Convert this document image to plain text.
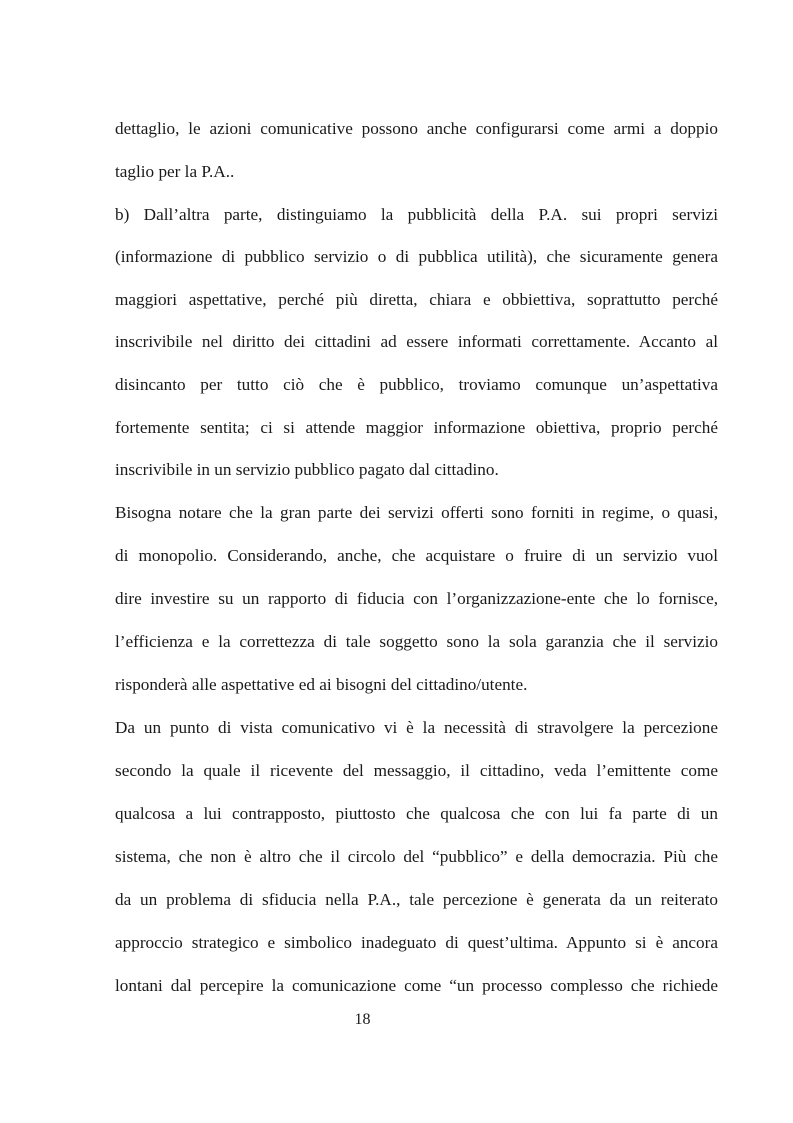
dettaglio, le azioni comunicative possono anche configurarsi come armi a doppio
taglio per la P.A..
b) Dall’altra parte, distinguiamo la pubblicità della P.A. sui propri servizi
(informazione di pubblico servizio o di pubblica utilità), che sicuramente genera
maggiori aspettative, perché più diretta, chiara e obbiettiva, soprattutto perché
inscrivibile nel diritto dei cittadini ad essere informati correttamente. Accanto al
disincanto per tutto ciò che è pubblico, troviamo comunque un’aspettativa
fortemente sentita; ci si attende maggior informazione obiettiva, proprio perché
inscrivibile in un servizio pubblico pagato dal cittadino.
Bisogna notare che la gran parte dei servizi offerti sono forniti in regime, o quasi,
di monopolio. Considerando, anche, che acquistare o fruire di un servizio vuol
dire investire su un rapporto di fiducia con l’organizzazione-ente che lo fornisce,
l’efficienza e la correttezza di tale soggetto sono la sola garanzia che il servizio
risponderà alle aspettative ed ai bisogni del cittadino/utente.
Da un punto di vista comunicativo vi è la necessità di stravolgere la percezione
secondo la quale il ricevente del messaggio, il cittadino, veda l’emittente come
qualcosa a lui contrapposto, piuttosto che qualcosa che con lui fa parte di un
sistema, che non è altro che il circolo del “pubblico” e della democrazia. Più che
da un problema di sfiducia nella P.A., tale percezione è generata da un reiterato
approccio strategico e simbolico inadeguato di quest’ultima. Appunto si è ancora
lontani dal percepire la comunicazione come “un processo complesso che richiede
18
